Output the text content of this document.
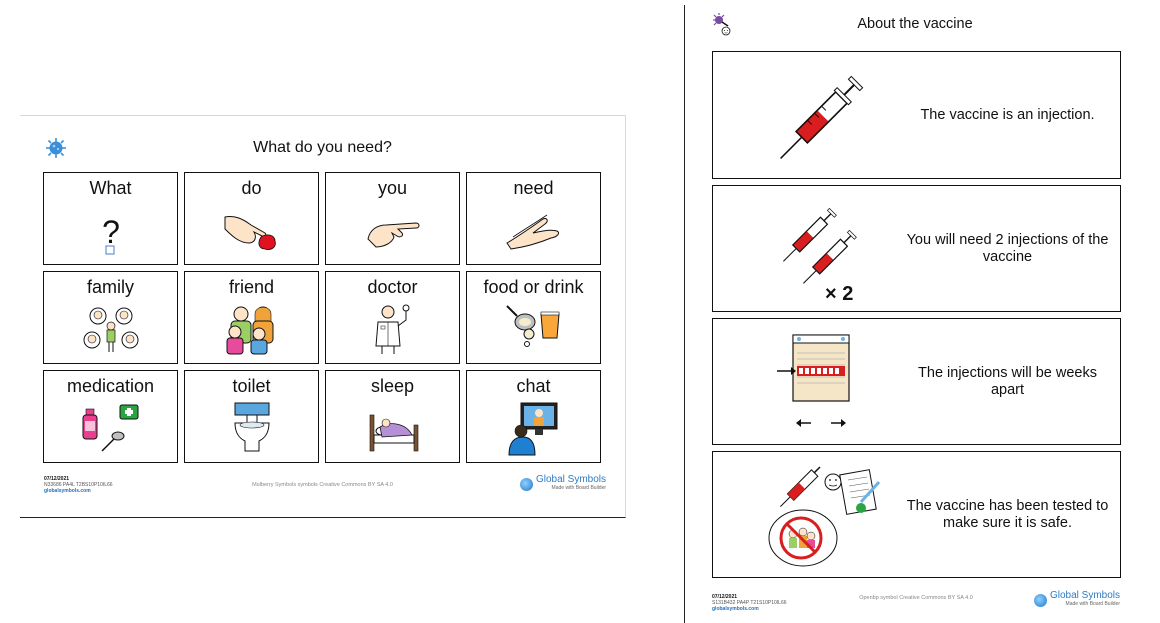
What do you need?
What
?
do	you	need
family	friend	doctor	food or drink
medication	toilet	sleep	chat
07/12/2021
N33686 PA4L T2BS10P10IL66
globalsymbols.com
Mulberry Symbols symbols Creative Commons BY SA 4.0	Global Symbols
Made with Board Builder
About the vaccine
The vaccine is an injection.
× 2
You will need 2 injections of the vaccine
The injections will be weeks apart
The vaccine has been tested to make sure it is safe.
07/12/2021
S131B432 PA4P T21S10P10IL66
globalsymbols.com
Openbp symbol Creative Commons BY SA 4.0	Global Symbols
Made with Board Builder
